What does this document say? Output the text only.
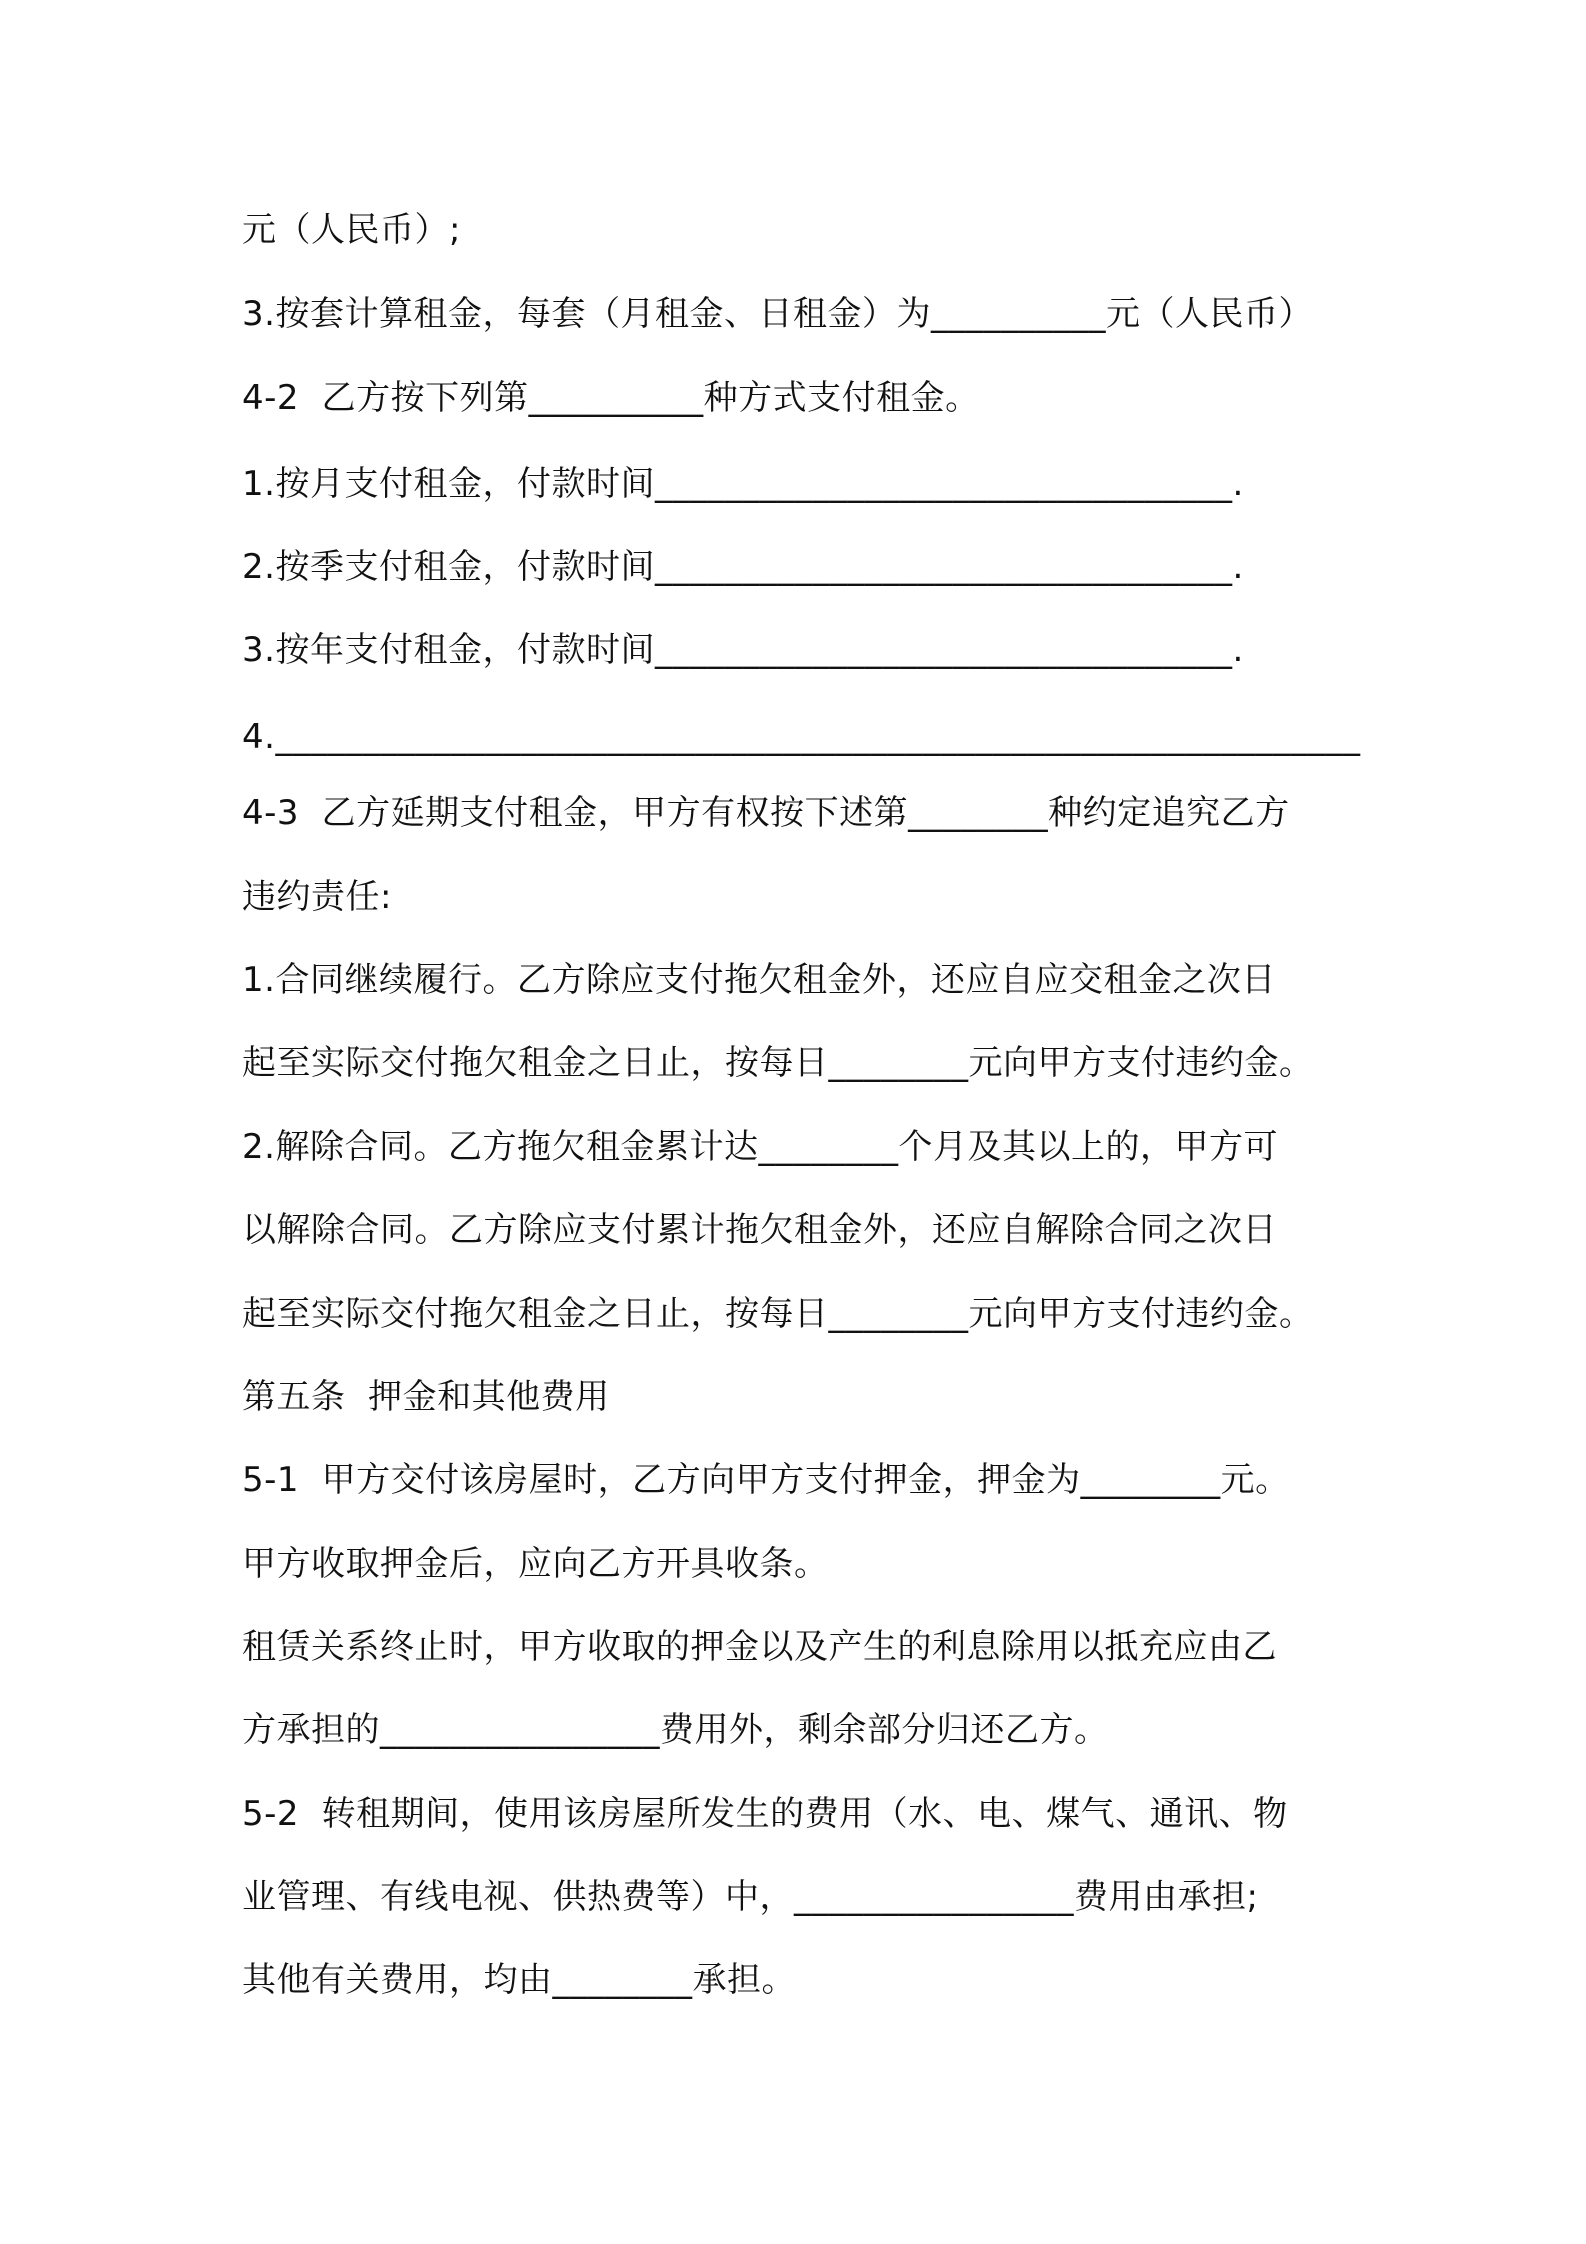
元（人民币）;
3.按套计算租金，每套（月租金、日租金）为__________元（人民币）
4-2  乙方按下列第__________种方式支付租金。
1.按月支付租金，付款时间_________________________________.
2.按季支付租金，付款时间_________________________________.
3.按年支付租金，付款时间_________________________________.
4.______________________________________________________________
4-3  乙方延期支付租金，甲方有权按下述第________种约定追究乙方
违约责任:
1.合同继续履行。乙方除应支付拖欠租金外，还应自应交租金之次日
起至实际交付拖欠租金之日止，按每日________元向甲方支付违约金。
2.解除合同。乙方拖欠租金累计达________个月及其以上的，甲方可
以解除合同。乙方除应支付累计拖欠租金外，还应自解除合同之次日
起至实际交付拖欠租金之日止，按每日________元向甲方支付违约金。
第五条  押金和其他费用
5-1  甲方交付该房屋时，乙方向甲方支付押金，押金为________元。
甲方收取押金后，应向乙方开具收条。
租赁关系终止时，甲方收取的押金以及产生的利息除用以抵充应由乙
方承担的________________费用外，剩余部分归还乙方。
5-2  转租期间，使用该房屋所发生的费用（水、电、煤气、通讯、物
业管理、有线电视、供热费等）中，________________费用由承担;
其他有关费用，均由________承担。
